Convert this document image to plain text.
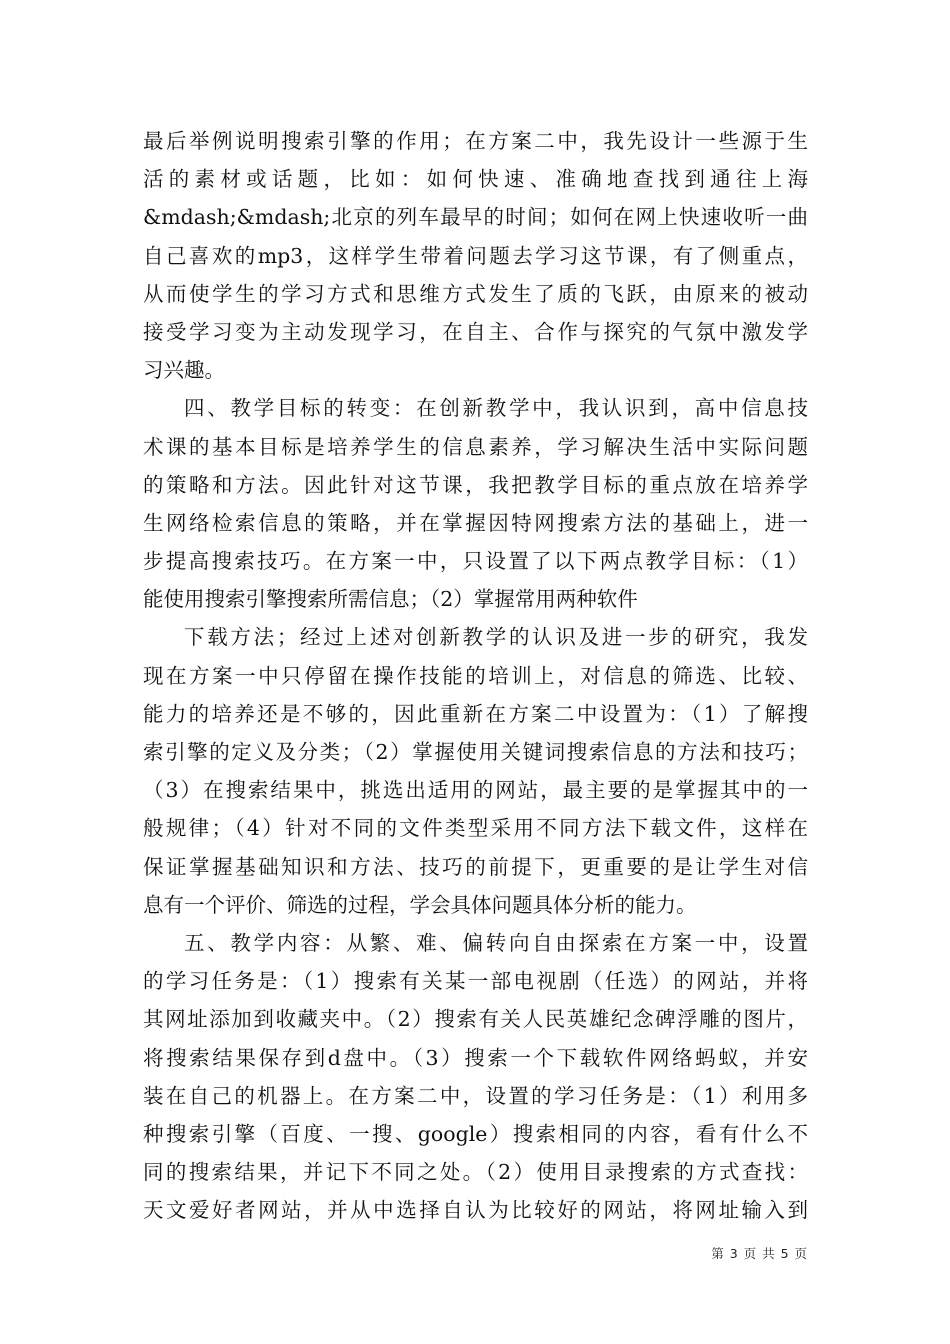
最后举例说明搜索引擎的作用；在方案二中，我先设计一些源于生
活的素材或话题，比如：如何快速、准确地查找到通往上海
&mdash;&mdash;北京的列车最早的时间；如何在网上快速收听一曲
自己喜欢的mp3，这样学生带着问题去学习这节课，有了侧重点，
从而使学生的学习方式和思维方式发生了质的飞跃，由原来的被动
接受学习变为主动发现学习，在自主、合作与探究的气氛中激发学
习兴趣。
四、教学目标的转变：在创新教学中，我认识到，高中信息技
术课的基本目标是培养学生的信息素养，学习解决生活中实际问题
的策略和方法。因此针对这节课，我把教学目标的重点放在培养学
生网络检索信息的策略，并在掌握因特网搜索方法的基础上，进一
步提高搜索技巧。在方案一中，只设置了以下两点教学目标：（1）
能使用搜索引擎搜索所需信息；（2）掌握常用两种软件
下载方法；经过上述对创新教学的认识及进一步的研究，我发
现在方案一中只停留在操作技能的培训上，对信息的筛选、比较、
能力的培养还是不够的，因此重新在方案二中设置为：（1）了解搜
索引擎的定义及分类；（2）掌握使用关键词搜索信息的方法和技巧；
（3）在搜索结果中，挑选出适用的网站，最主要的是掌握其中的一
般规律；（4）针对不同的文件类型采用不同方法下载文件，这样在
保证掌握基础知识和方法、技巧的前提下，更重要的是让学生对信
息有一个评价、筛选的过程，学会具体问题具体分析的能力。
五、教学内容：从繁、难、偏转向自由探索在方案一中，设置
的学习任务是：（1）搜索有关某一部电视剧（任选）的网站，并将
其网址添加到收藏夹中。（2）搜索有关人民英雄纪念碑浮雕的图片，
将搜索结果保存到d盘中。（3）搜索一个下载软件网络蚂蚁，并安
装在自己的机器上。在方案二中，设置的学习任务是：（1）利用多
种搜索引擎（百度、一搜、google）搜索相同的内容，看有什么不
同的搜索结果，并记下不同之处。（2）使用目录搜索的方式查找：
天文爱好者网站，并从中选择自认为比较好的网站，将网址输入到
第 3 页 共 5 页
